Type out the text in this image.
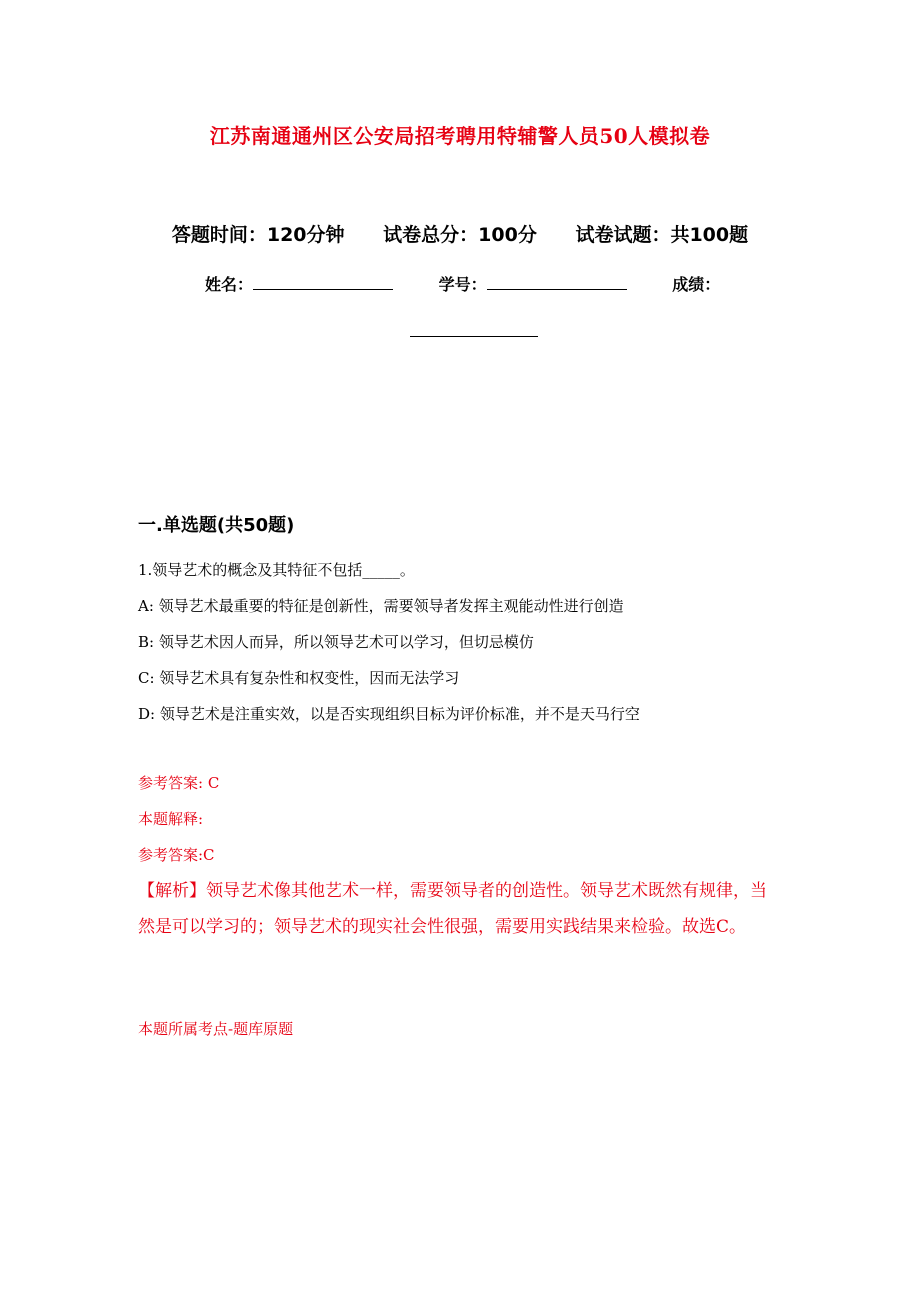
江苏南通通州区公安局招考聘用特辅警人员50人模拟卷
答题时间：120分钟 试卷总分：100分 试卷试题：共100题
姓名：	学号：	成绩：
一.单选题(共50题)

1.领导艺术的概念及其特征不包括_____。

A: 领导艺术最重要的特征是创新性，需要领导者发挥主观能动性进行创造

B: 领导艺术因人而异，所以领导艺术可以学习，但切忌模仿

C: 领导艺术具有复杂性和权变性，因而无法学习

D: 领导艺术是注重实效，以是否实现组织目标为评价标准，并不是天马行空

参考答案: C

本题解释:

参考答案:C

【解析】领导艺术像其他艺术一样，需要领导者的创造性。领导艺术既然有规律，当然是可以学习的；领导艺术的现实社会性很强，需要用实践结果来检验。故选C。

本题所属考点-题库原题
